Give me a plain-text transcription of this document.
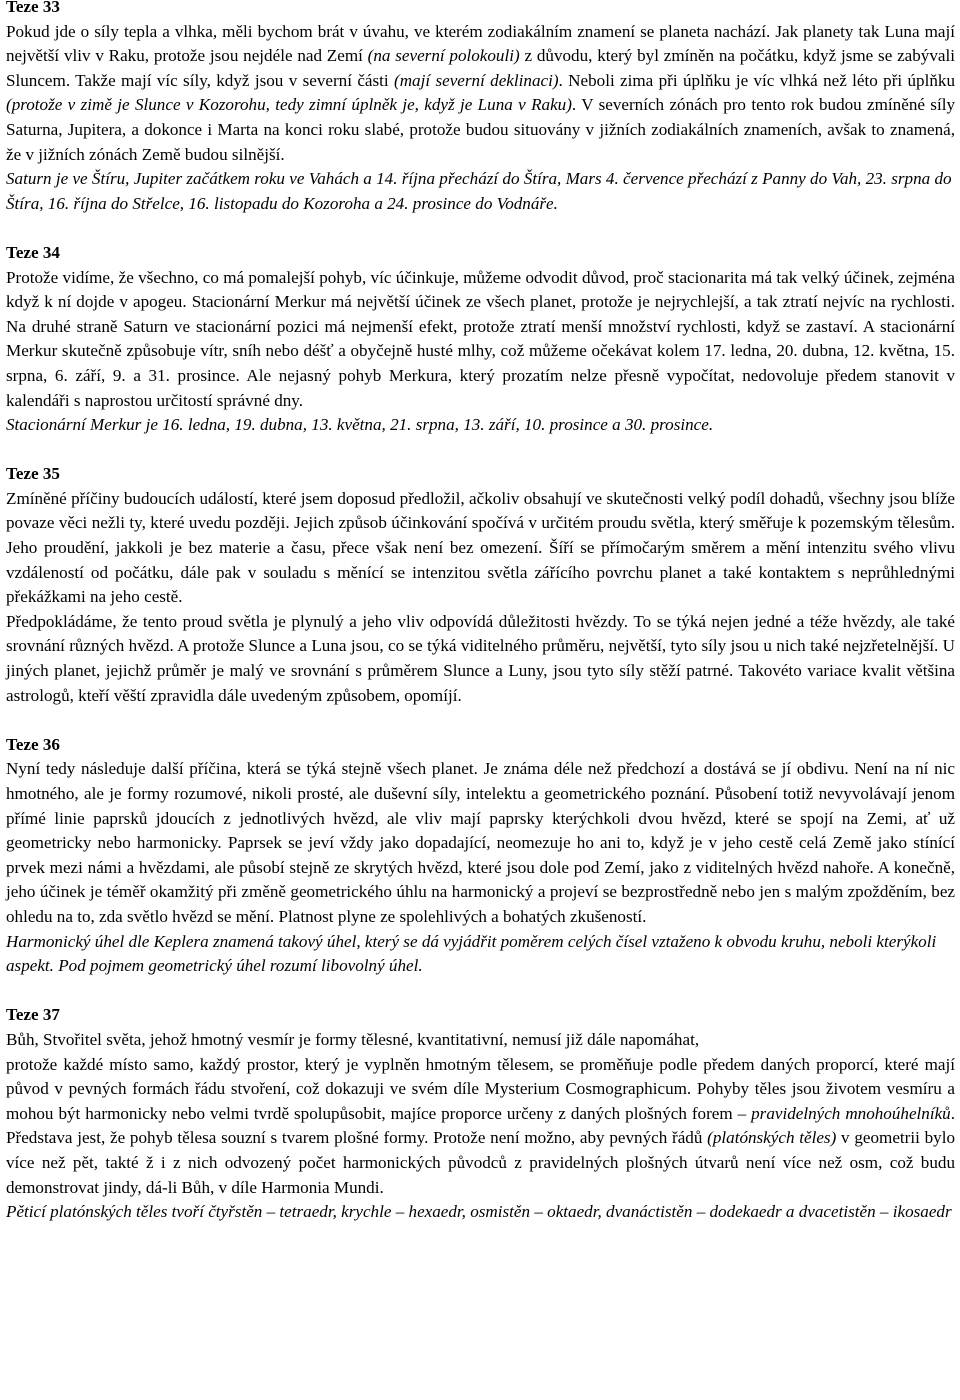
Teze 33

Pokud jde o síly tepla a vlhka, měli bychom brát v úvahu, ve kterém zodiakálním znamení se planeta nachází. Jak planety tak Luna mají největší vliv v Raku, protože jsou nejdéle nad Zemí (na severní polokouli) z důvodu, který byl zmíněn na počátku, když jsme se zabývali Sluncem. Takže mají víc síly, když jsou v severní části (mají severní deklinaci). Neboli zima při úplňku je víc vlhká než léto při úplňku (protože v zimě je Slunce v Kozorohu, tedy zimní úplněk je, když je Luna v Raku). V severních zónách pro tento rok budou zmíněné síly Saturna, Jupitera, a dokonce i Marta na konci roku slabé, protože budou situovány v jižních zodiakálních znameních, avšak to znamená, že v jižních zónách Země budou silnější.

Saturn je ve Štíru, Jupiter začátkem roku ve Vahách a 14. října přechází do Štíra, Mars 4. července přechází z Panny do Vah, 23. srpna do Štíra, 16. října do Střelce, 16. listopadu do Kozoroha a 24. prosince do Vodnáře.

Teze 34

Protože vidíme, že všechno, co má pomalejší pohyb, víc účinkuje, můžeme odvodit důvod, proč stacionarita má tak velký účinek, zejména když k ní dojde v apogeu. Stacionární Merkur má největší účinek ze všech planet, protože je nejrychlejší, a tak ztratí nejvíc na rychlosti. Na druhé straně Saturn ve stacionární pozici má nejmenší efekt, protože ztratí menší množství rychlosti, když se zastaví. A stacionární Merkur skutečně způsobuje vítr, sníh nebo déšť a obyčejně husté mlhy, což můžeme očekávat kolem 17. ledna, 20. dubna, 12. května, 15. srpna, 6. září, 9. a 31. prosince. Ale nejasný pohyb Merkura, který prozatím nelze přesně vypočítat, nedovoluje předem stanovit v kalendáři s naprostou určitostí správné dny.

Stacionární Merkur je 16. ledna, 19. dubna, 13. května, 21. srpna, 13. září, 10. prosince a 30. prosince.

Teze 35

Zmíněné příčiny budoucích událostí, které jsem doposud předložil, ačkoliv obsahují ve skutečnosti velký podíl dohadů, všechny jsou blíže povaze věci nežli ty, které uvedu později. Jejich způsob účinkování spočívá v určitém proudu světla, který směřuje k pozemským tělesům. Jeho proudění, jakkoli je bez materie a času, přece však není bez omezení. Šíří se přímočarým směrem a mění intenzitu svého vlivu vzdáleností od počátku, dále pak v souladu s měnící se intenzitou světla zářícího povrchu planet a také kontaktem s neprůhlednými překážkami na jeho cestě.

Předpokládáme, že tento proud světla je plynulý a jeho vliv odpovídá důležitosti hvězdy. To se týká nejen jedné a téže hvězdy, ale také srovnání různých hvězd. A protože Slunce a Luna jsou, co se týká viditelného průměru, největší, tyto síly jsou u nich také nejzřetelnější. U jiných planet, jejichž průměr je malý ve srovnání s průměrem Slunce a Luny, jsou tyto síly stěží patrné. Takovéto variace kvalit většina astrologů, kteří věští zpravidla dále uvedeným způsobem, opomíjí.

Teze 36

Nyní tedy následuje další příčina, která se týká stejně všech planet. Je známa déle než předchozí a dostává se jí obdivu. Není na ní nic hmotného, ale je formy rozumové, nikoli prosté, ale duševní síly, intelektu a geometrického poznání. Působení totiž nevyvolávají jenom přímé linie paprsků jdoucích z jednotlivých hvězd, ale vliv mají paprsky kterýchkoli dvou hvězd, které se spojí na Zemi, ať už geometricky nebo harmonicky. Paprsek se jeví vždy jako dopadající, neomezuje ho ani to, když je v jeho cestě celá Země jako stínící prvek mezi námi a hvězdami, ale působí stejně ze skrytých hvězd, které jsou dole pod Zemí, jako z viditelných hvězd nahoře. A konečně, jeho účinek je téměř okamžitý při změně geometrického úhlu na harmonický a projeví se bezprostředně nebo jen s malým zpožděním, bez ohledu na to, zda světlo hvězd se mění. Platnost plyne ze spolehlivých a bohatých zkušeností.

Harmonický úhel dle Keplera znamená takový úhel, který se dá vyjádřit poměrem celých čísel vztaženo k obvodu kruhu, neboli kterýkoli aspekt. Pod pojmem geometrický úhel rozumí libovolný úhel.

Teze 37

Bůh, Stvořitel světa, jehož hmotný vesmír je formy tělesné, kvantitativní, nemusí již dále napomáhat,

protože každé místo samo, každý prostor, který je vyplněn hmotným tělesem, se proměňuje podle předem daných proporcí, které mají původ v pevných formách řádu stvoření, což dokazuji ve svém díle Mysterium Cosmographicum. Pohyby těles jsou životem vesmíru a mohou být harmonicky nebo velmi tvrdě spolupůsobit, majíce proporce určeny z daných plošných forem – pravidelných mnohoúhelníků. Představa jest, že pohyb tělesa souzní s tvarem plošné formy. Protože není možno, aby pevných řádů (platónských těles) v geometrii bylo více než pět, takté ž i z nich odvozený počet harmonických původců z pravidelných plošných útvarů není více než osm, což budu demonstrovat jindy, dá-li Bůh, v díle Harmonia Mundi.

Pěticí platónských těles tvoří čtyřstěn – tetraedr, krychle – hexaedr, osmistěn – oktaedr, dvanáctistěn – dodekaedr a dvacetistěn – ikosaedr
